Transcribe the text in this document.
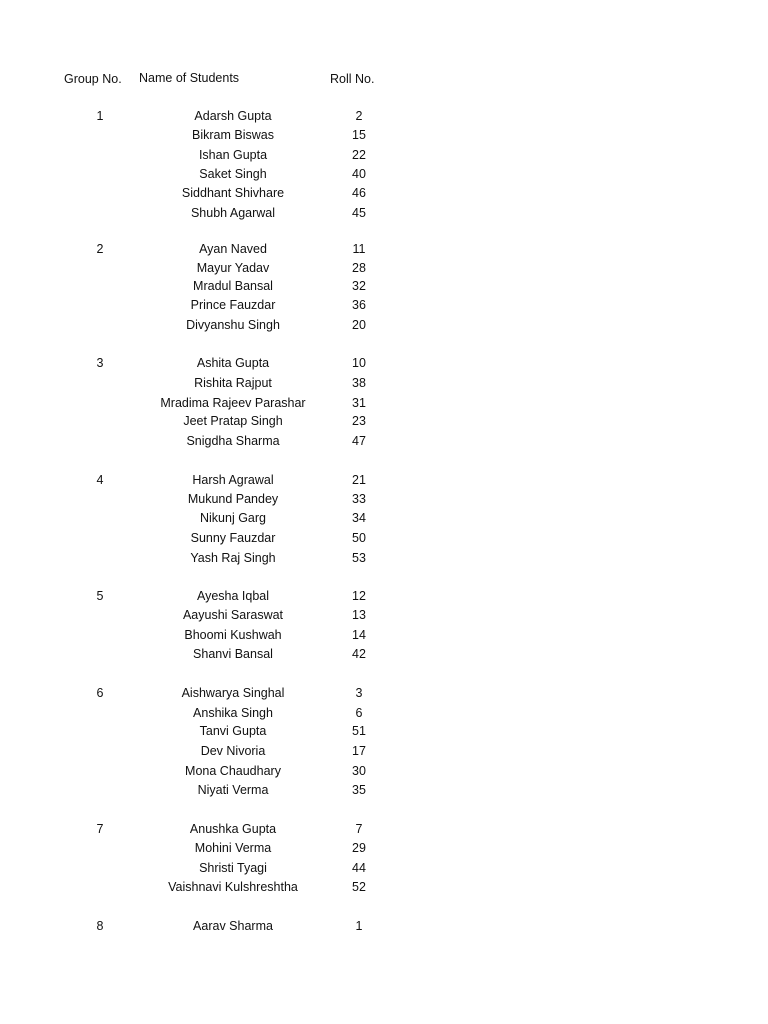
Group No. Name of Students	Roll No.
1	Adarsh Gupta	2
Bikram Biswas	15
Ishan Gupta	22
Saket Singh	40
Siddhant Shivhare	46
Shubh Agarwal	45
2	Ayan Naved	11
Mayur Yadav	28
Mradul Bansal	32
Prince Fauzdar	36
Divyanshu Singh	20
3	Ashita Gupta	10
Rishita Rajput	38
Mradima Rajeev Parashar	31
Jeet Pratap Singh	23
Snigdha Sharma	47
4	Harsh Agrawal	21
Mukund Pandey	33
Nikunj Garg	34
Sunny Fauzdar	50
Yash Raj Singh	53
5	Ayesha Iqbal	12
Aayushi Saraswat	13
Bhoomi Kushwah	14
Shanvi Bansal	42
6	Aishwarya Singhal	3
Anshika Singh	6
Tanvi Gupta	51
Dev Nivoria	17
Mona Chaudhary	30
Niyati Verma	35
7	Anushka Gupta	7
Mohini Verma	29
Shristi Tyagi	44
Vaishnavi Kulshreshtha	52
8	Aarav Sharma	1
